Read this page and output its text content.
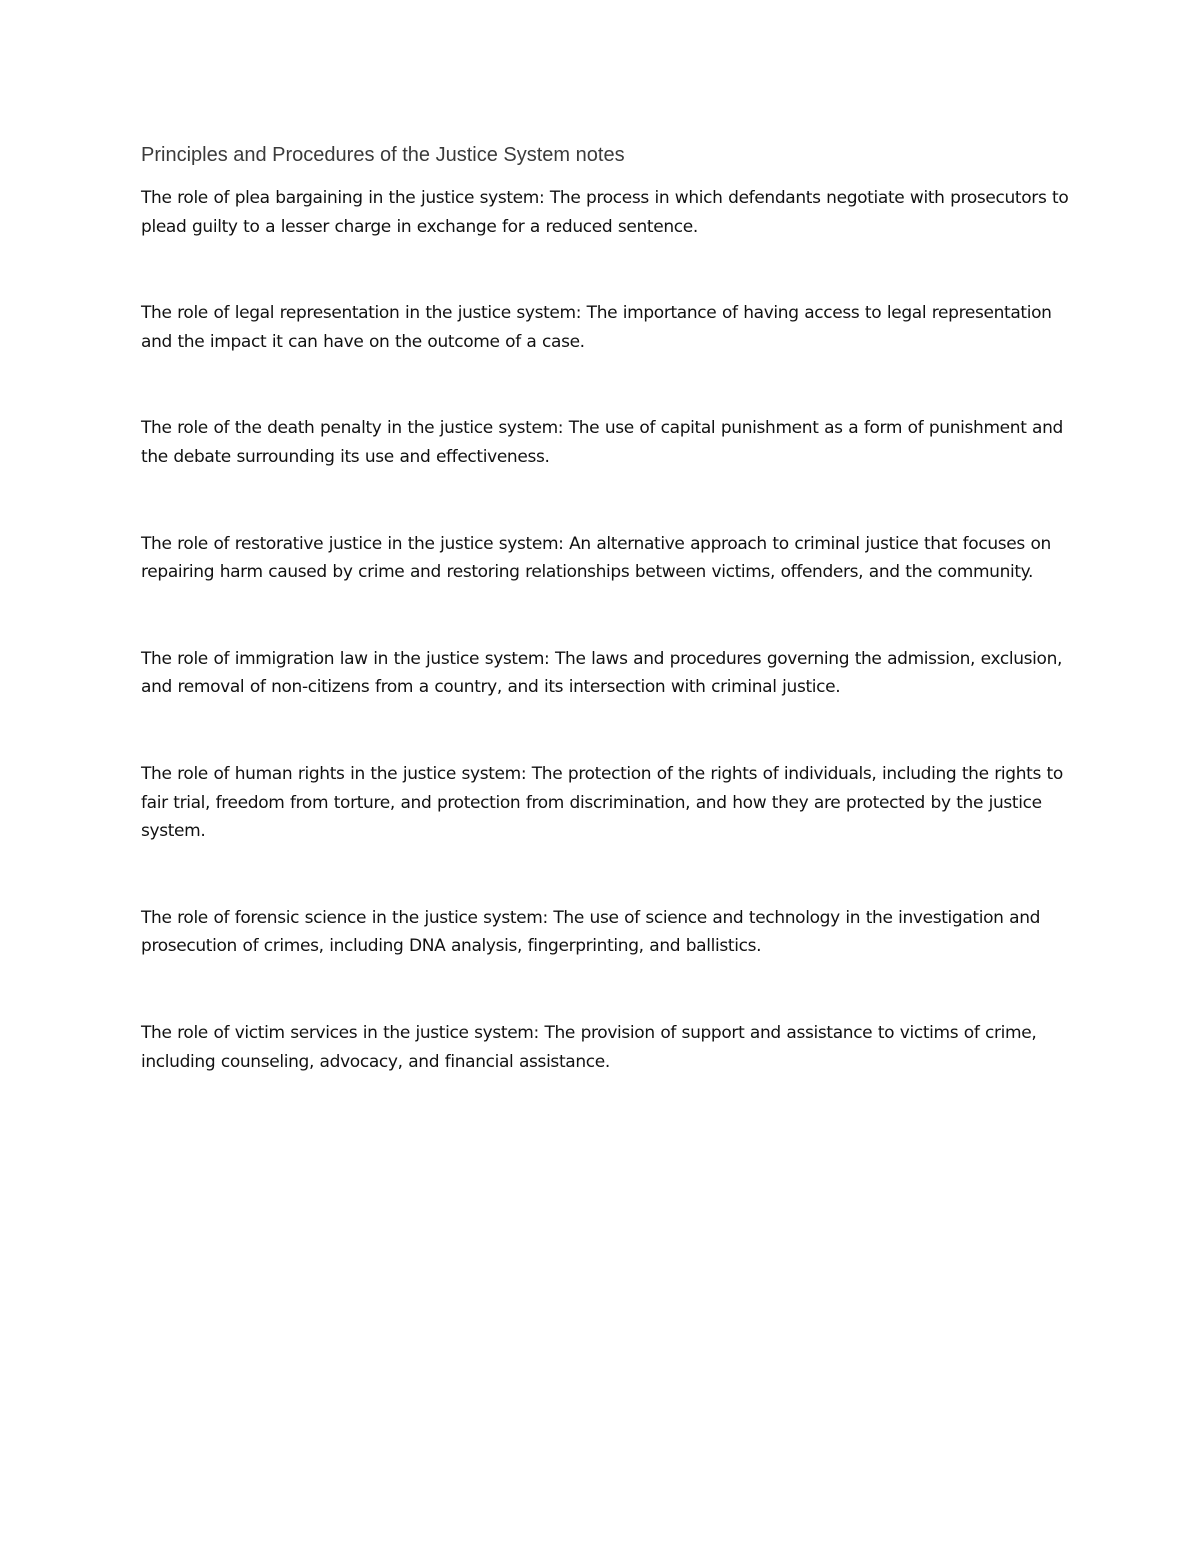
Principles and Procedures of the Justice System notes
The role of plea bargaining in the justice system: The process in which defendants negotiate with prosecutors to plead guilty to a lesser charge in exchange for a reduced sentence.
The role of legal representation in the justice system: The importance of having access to legal representation and the impact it can have on the outcome of a case.
The role of the death penalty in the justice system: The use of capital punishment as a form of punishment and the debate surrounding its use and effectiveness.
The role of restorative justice in the justice system: An alternative approach to criminal justice that focuses on repairing harm caused by crime and restoring relationships between victims, offenders, and the community.
The role of immigration law in the justice system: The laws and procedures governing the admission, exclusion, and removal of non-citizens from a country, and its intersection with criminal justice.
The role of human rights in the justice system: The protection of the rights of individuals, including the rights to fair trial, freedom from torture, and protection from discrimination, and how they are protected by the justice system.
The role of forensic science in the justice system: The use of science and technology in the investigation and prosecution of crimes, including DNA analysis, fingerprinting, and ballistics.
The role of victim services in the justice system: The provision of support and assistance to victims of crime, including counseling, advocacy, and financial assistance.
